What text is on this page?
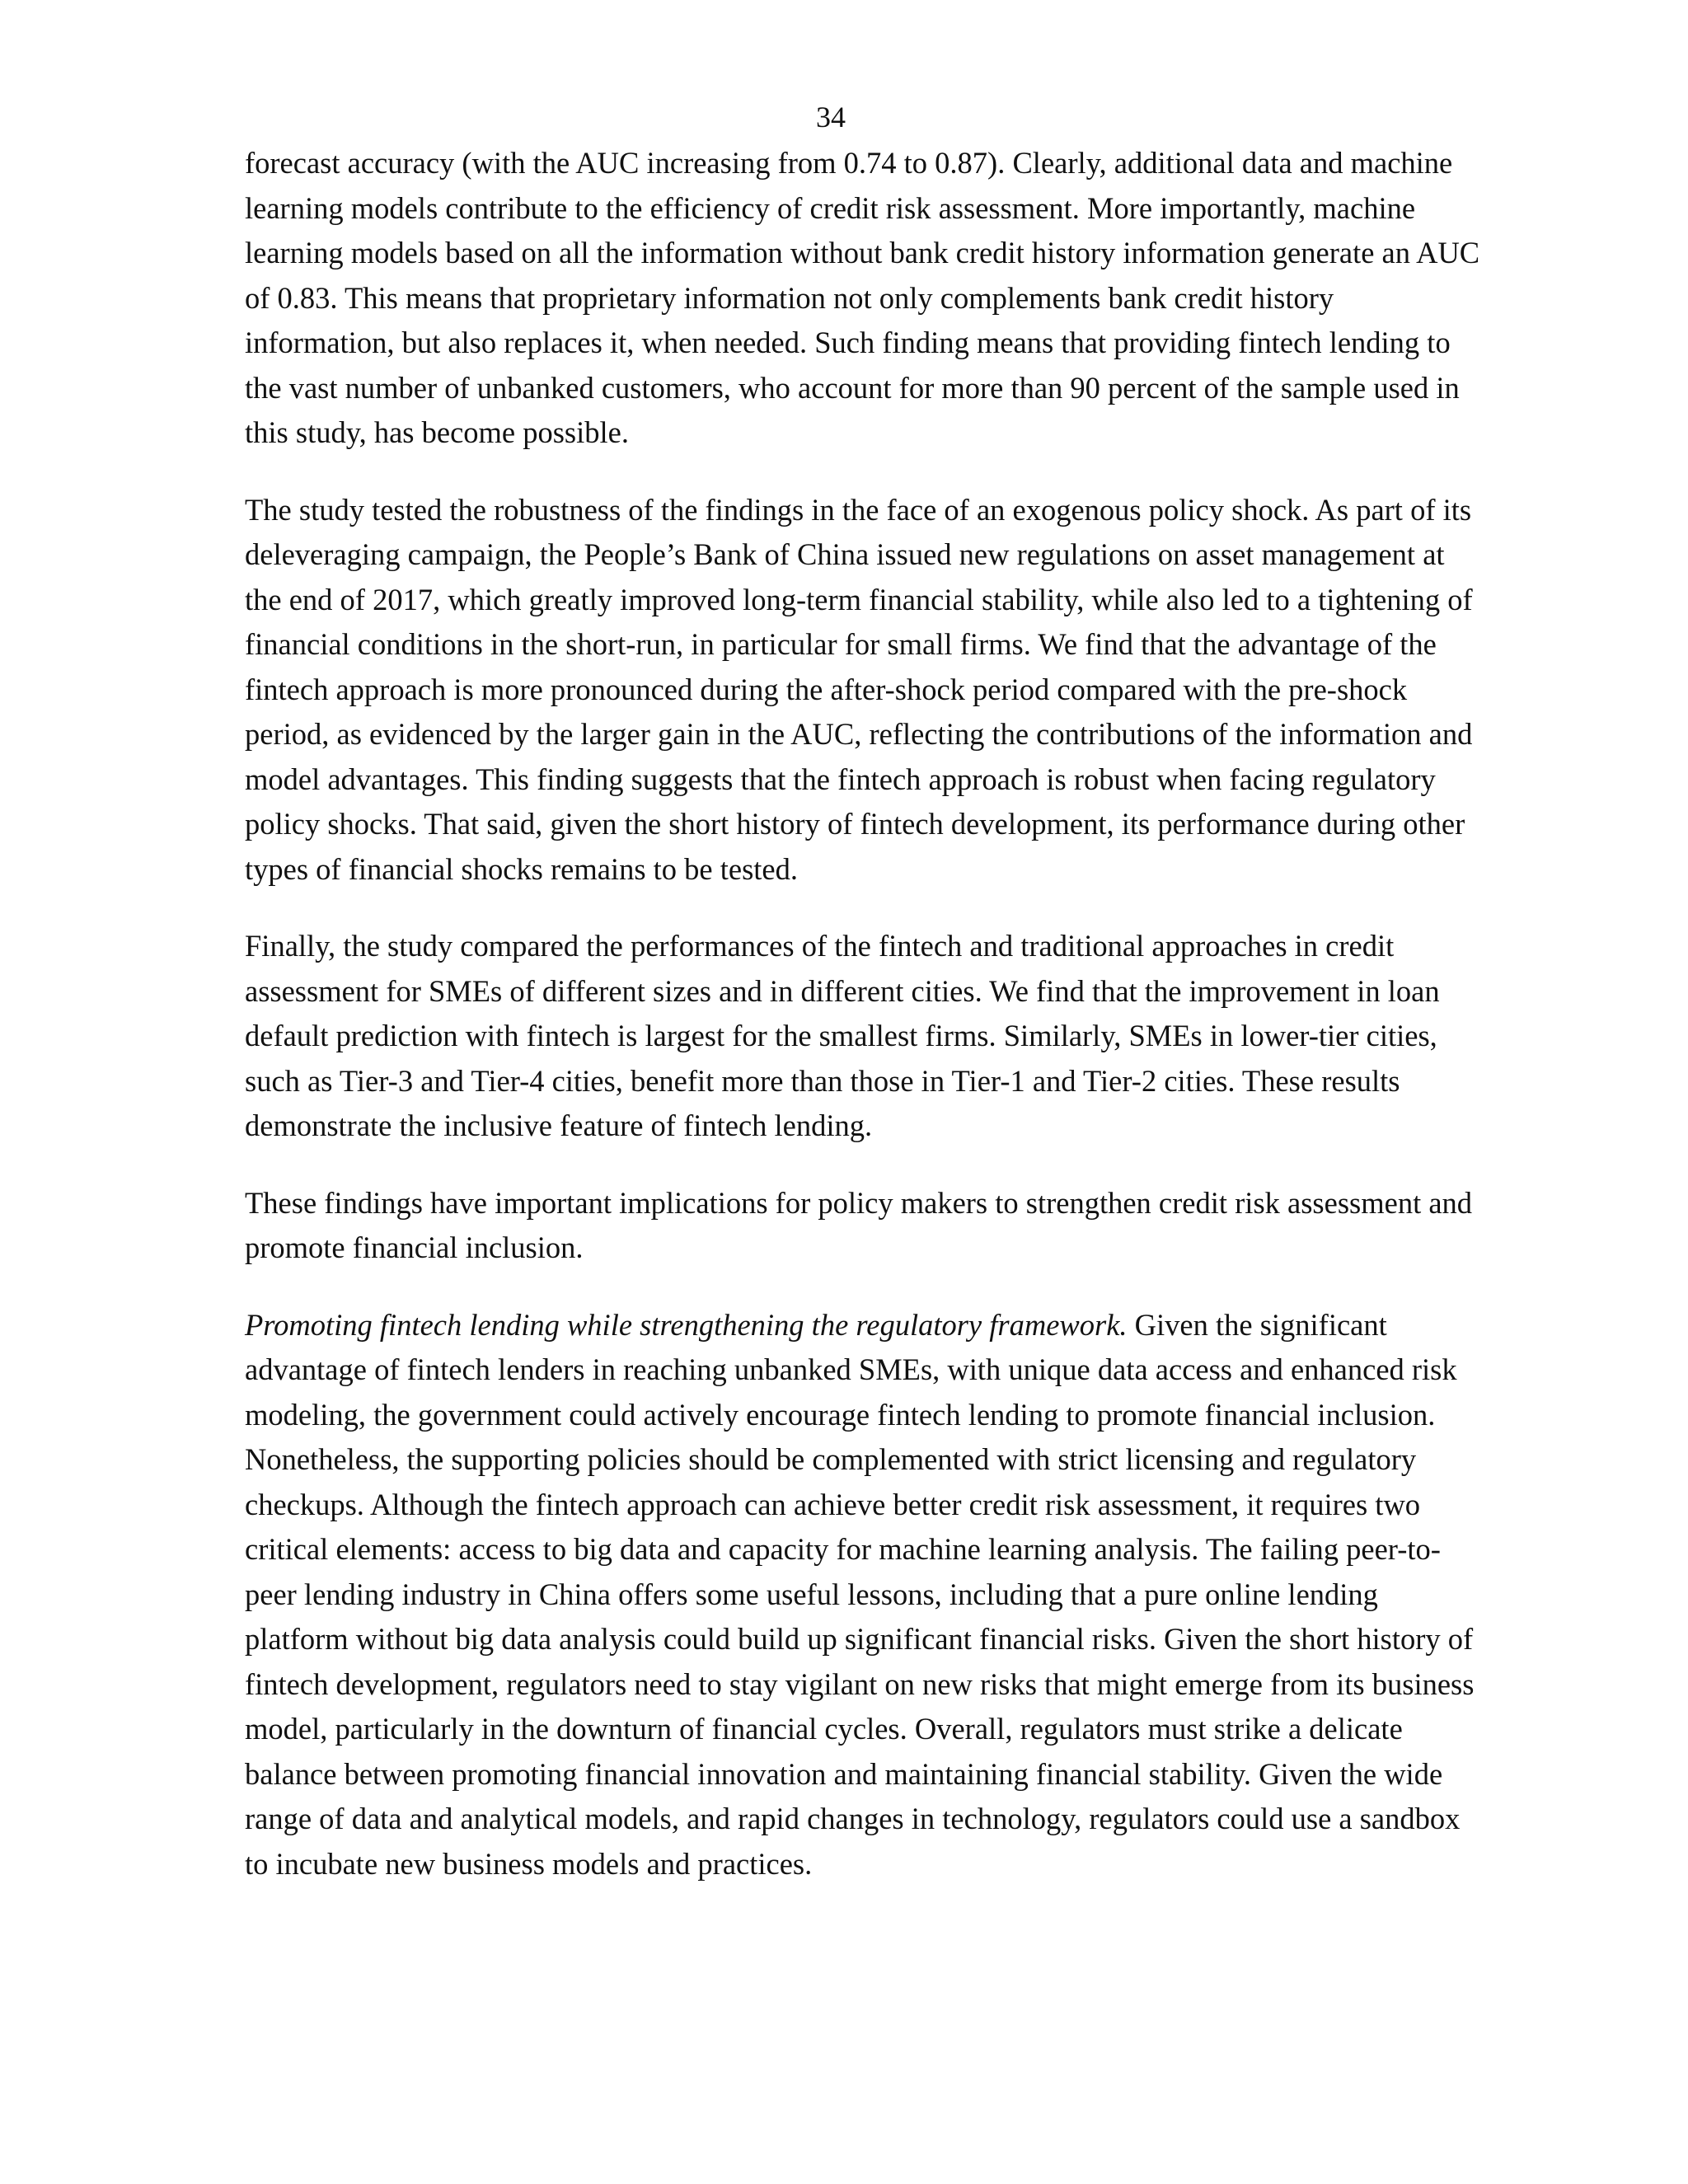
34

forecast accuracy (with the AUC increasing from 0.74 to 0.87). Clearly, additional data and machine learning models contribute to the efficiency of credit risk assessment. More importantly, machine learning models based on all the information without bank credit history information generate an AUC of 0.83. This means that proprietary information not only complements bank credit history information, but also replaces it, when needed. Such finding means that providing fintech lending to the vast number of unbanked customers, who account for more than 90 percent of the sample used in this study, has become possible.

The study tested the robustness of the findings in the face of an exogenous policy shock. As part of its deleveraging campaign, the People’s Bank of China issued new regulations on asset management at the end of 2017, which greatly improved long-term financial stability, while also led to a tightening of financial conditions in the short-run, in particular for small firms. We find that the advantage of the fintech approach is more pronounced during the after-shock period compared with the pre-shock period, as evidenced by the larger gain in the AUC, reflecting the contributions of the information and model advantages. This finding suggests that the fintech approach is robust when facing regulatory policy shocks. That said, given the short history of fintech development, its performance during other types of financial shocks remains to be tested.

Finally, the study compared the performances of the fintech and traditional approaches in credit assessment for SMEs of different sizes and in different cities. We find that the improvement in loan default prediction with fintech is largest for the smallest firms. Similarly, SMEs in lower-tier cities, such as Tier-3 and Tier-4 cities, benefit more than those in Tier-1 and Tier-2 cities. These results demonstrate the inclusive feature of fintech lending.

These findings have important implications for policy makers to strengthen credit risk assessment and promote financial inclusion.

Promoting fintech lending while strengthening the regulatory framework. Given the significant advantage of fintech lenders in reaching unbanked SMEs, with unique data access and enhanced risk modeling, the government could actively encourage fintech lending to promote financial inclusion. Nonetheless, the supporting policies should be complemented with strict licensing and regulatory checkups. Although the fintech approach can achieve better credit risk assessment, it requires two critical elements: access to big data and capacity for machine learning analysis. The failing peer-to-peer lending industry in China offers some useful lessons, including that a pure online lending platform without big data analysis could build up significant financial risks. Given the short history of fintech development, regulators need to stay vigilant on new risks that might emerge from its business model, particularly in the downturn of financial cycles. Overall, regulators must strike a delicate balance between promoting financial innovation and maintaining financial stability. Given the wide range of data and analytical models, and rapid changes in technology, regulators could use a sandbox to incubate new business models and practices.
